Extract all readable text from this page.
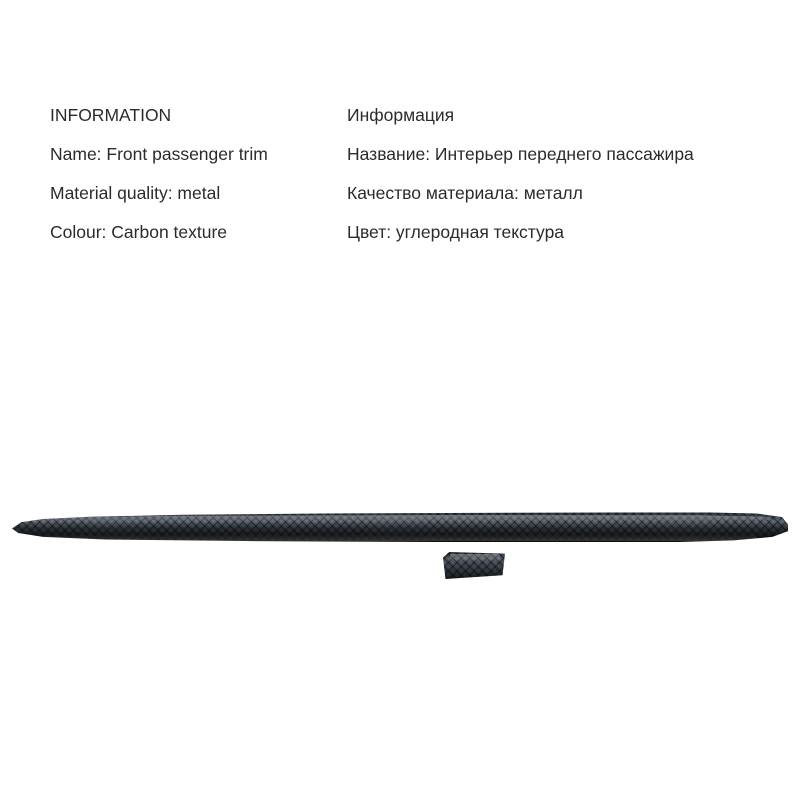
INFORMATION
Name: Front passenger trim
Material quality: metal
Colour: Carbon texture
Информация
Название: Интерьер переднего пассажира
Качество материала: металл
Цвет: углеродная текстура
